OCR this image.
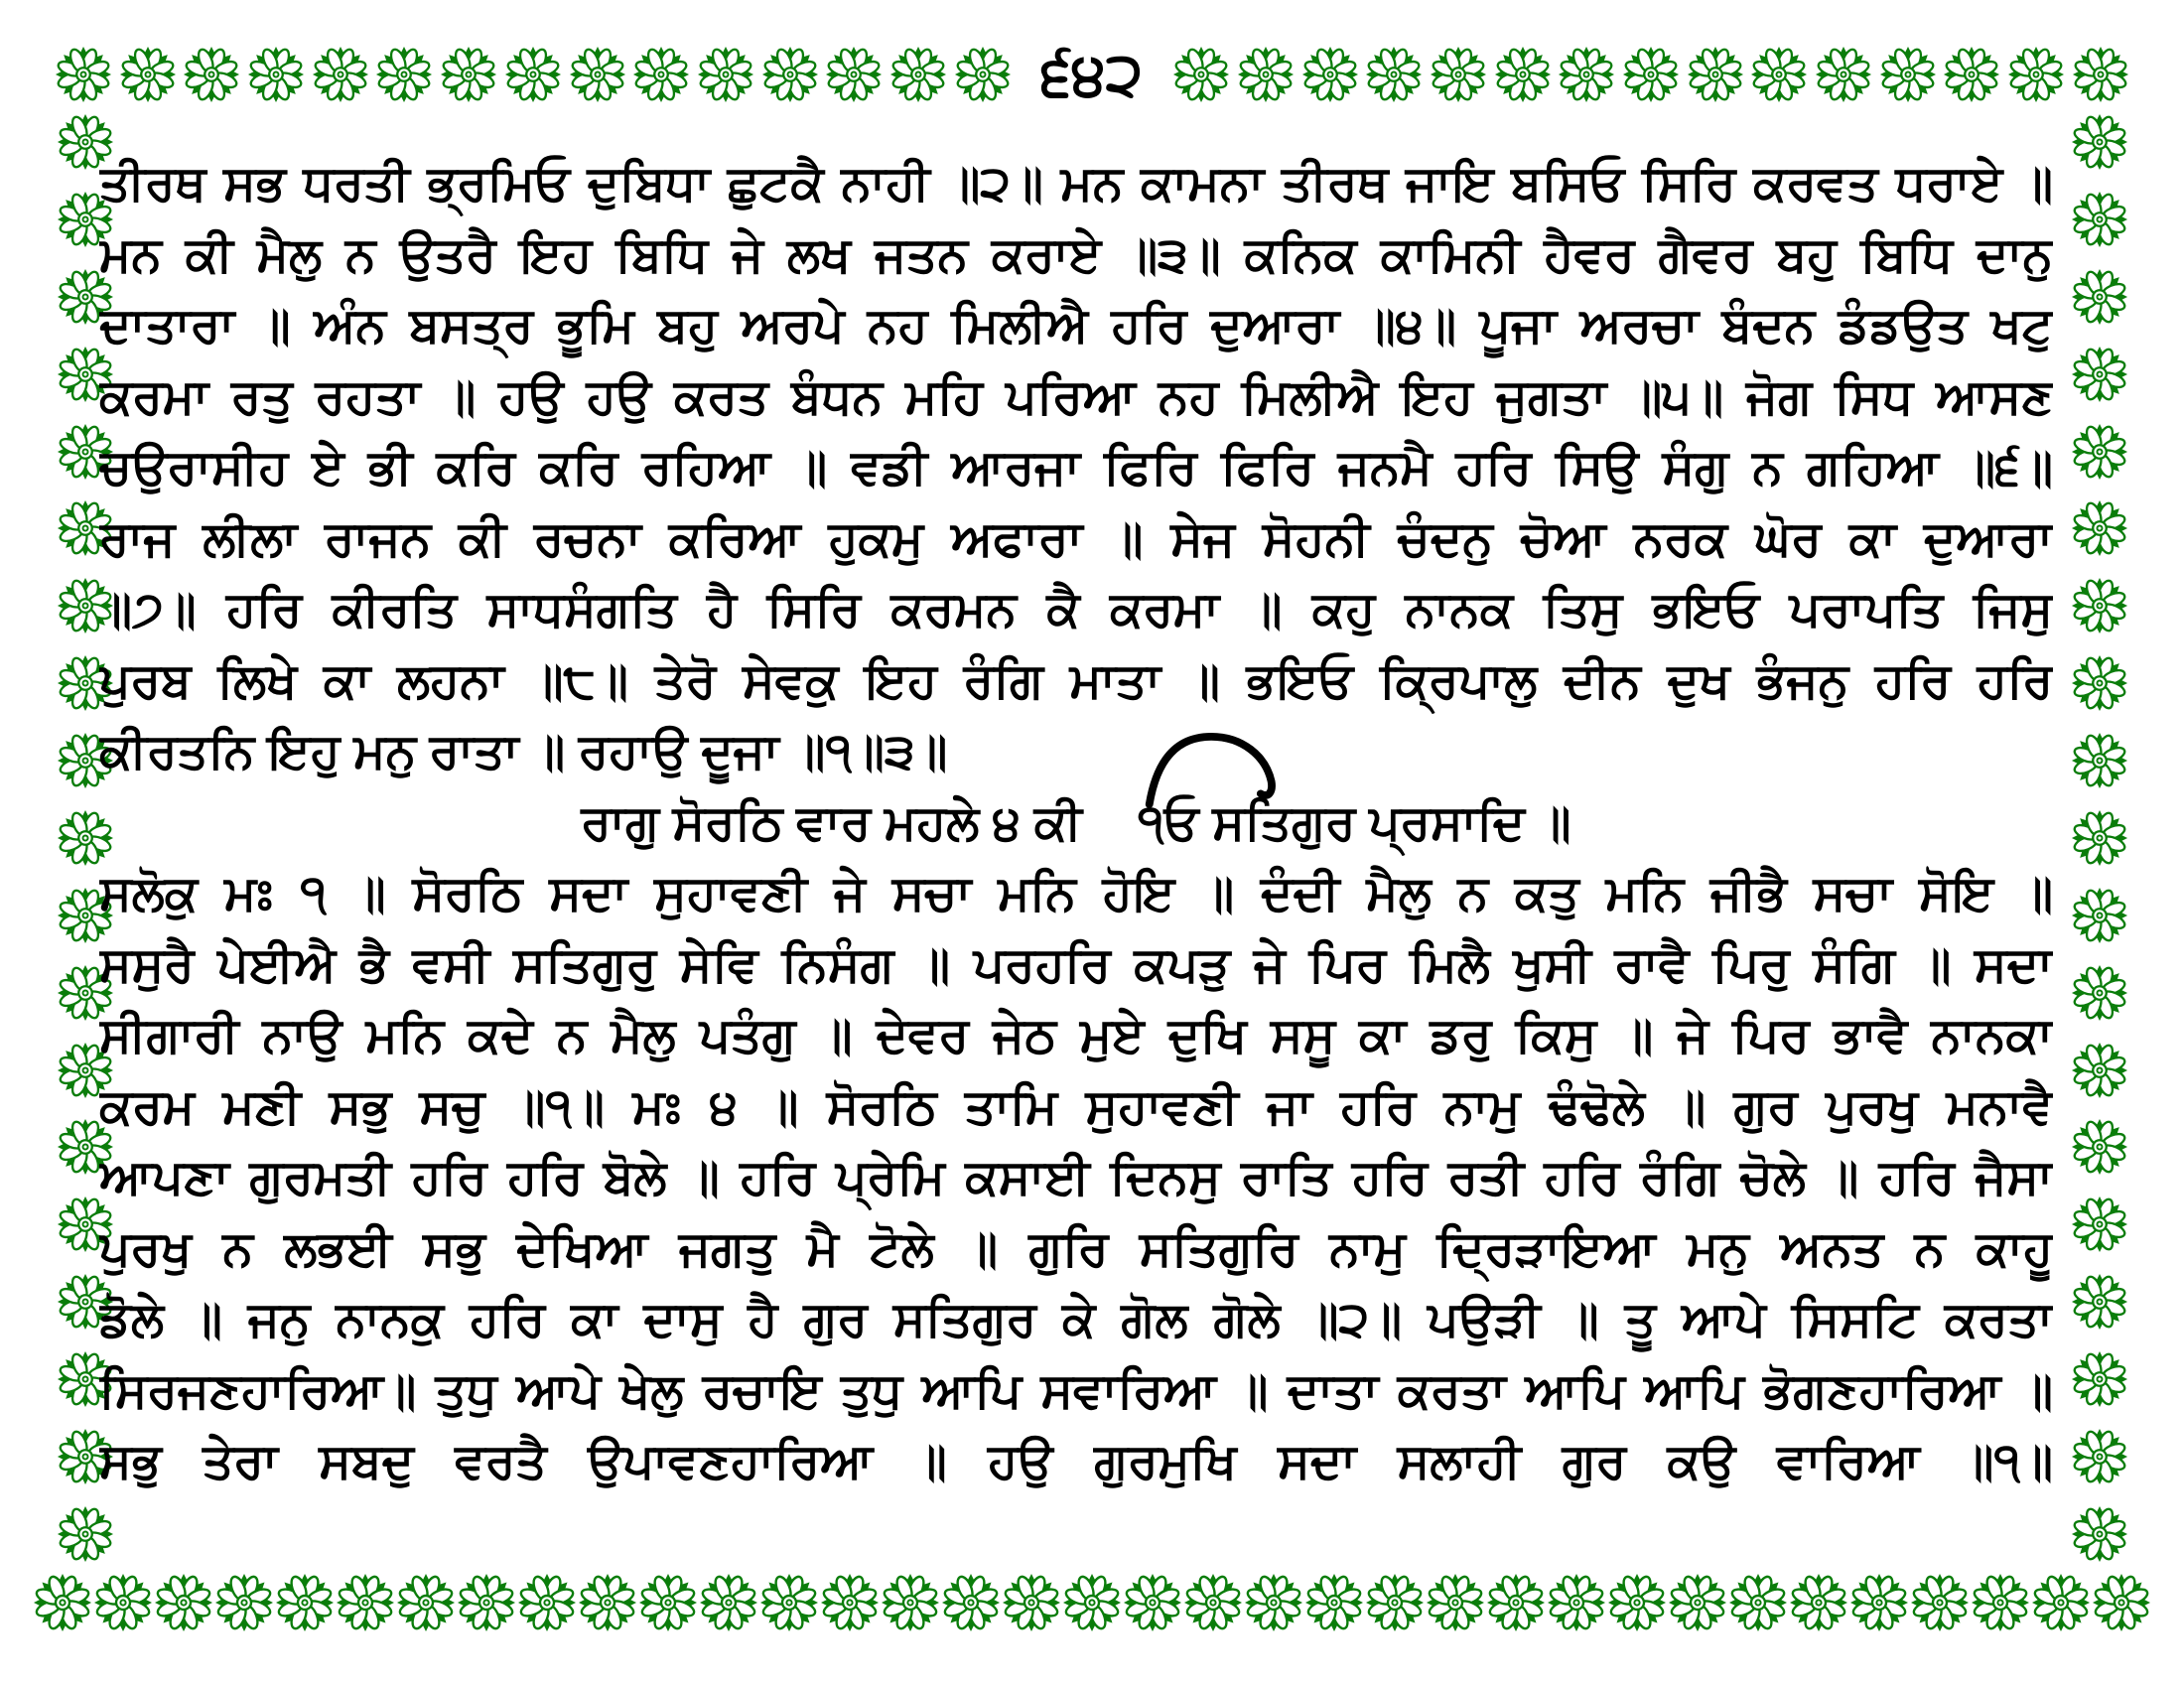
੬੪੨
ਤੀਰਥ ਸਭ ਧਰਤੀ ਭ੍ਰਮਿਓ ਦੁਬਿਧਾ ਛੁਟਕੈ ਨਾਹੀ ॥੨॥ ਮਨ ਕਾਮਨਾ ਤੀਰਥ ਜਾਇ ਬਸਿਓ ਸਿਰਿ ਕਰਵਤ ਧਰਾਏ ॥
ਮਨ ਕੀ ਮੈਲੁ ਨ ਉਤਰੈ ਇਹ ਬਿਧਿ ਜੇ ਲਖ ਜਤਨ ਕਰਾਏ ॥੩॥ ਕਨਿਕ ਕਾਮਿਨੀ ਹੈਵਰ ਗੈਵਰ ਬਹੁ ਬਿਧਿ ਦਾਨੁ
ਦਾਤਾਰਾ ॥ ਅੰਨ ਬਸਤ੍ਰ ਭੂਮਿ ਬਹੁ ਅਰਪੇ ਨਹ ਮਿਲੀਐ ਹਰਿ ਦੁਆਰਾ ॥੪॥ ਪੂਜਾ ਅਰਚਾ ਬੰਦਨ ਡੰਡਉਤ ਖਟੁ
ਕਰਮਾ ਰਤੁ ਰਹਤਾ ॥ ਹਉ ਹਉ ਕਰਤ ਬੰਧਨ ਮਹਿ ਪਰਿਆ ਨਹ ਮਿਲੀਐ ਇਹ ਜੁਗਤਾ ॥੫॥ ਜੋਗ ਸਿਧ ਆਸਣ
ਚਉਰਾਸੀਹ ਏ ਭੀ ਕਰਿ ਕਰਿ ਰਹਿਆ ॥ ਵਡੀ ਆਰਜਾ ਫਿਰਿ ਫਿਰਿ ਜਨਮੈ ਹਰਿ ਸਿਉ ਸੰਗੁ ਨ ਗਹਿਆ ॥੬॥
ਰਾਜ ਲੀਲਾ ਰਾਜਨ ਕੀ ਰਚਨਾ ਕਰਿਆ ਹੁਕਮੁ ਅਫਾਰਾ ॥ ਸੇਜ ਸੋਹਨੀ ਚੰਦਨੁ ਚੋਆ ਨਰਕ ਘੋਰ ਕਾ ਦੁਆਰਾ
॥੭॥ ਹਰਿ ਕੀਰਤਿ ਸਾਧਸੰਗਤਿ ਹੈ ਸਿਰਿ ਕਰਮਨ ਕੈ ਕਰਮਾ ॥ ਕਹੁ ਨਾਨਕ ਤਿਸੁ ਭਇਓ ਪਰਾਪਤਿ ਜਿਸੁ
ਪੁਰਬ ਲਿਖੇ ਕਾ ਲਹਨਾ ॥੮॥ ਤੇਰੋ ਸੇਵਕੁ ਇਹ ਰੰਗਿ ਮਾਤਾ ॥ ਭਇਓ ਕ੍ਰਿਪਾਲੁ ਦੀਨ ਦੁਖ ਭੰਜਨੁ ਹਰਿ ਹਰਿ
ਕੀਰਤਨਿ ਇਹੁ ਮਨੁ ਰਾਤਾ ॥ ਰਹਾਉ ਦੂਜਾ ॥੧॥੩॥
ਰਾਗੁ ਸੋਰਠਿ ਵਾਰ ਮਹਲੇ ੪ ਕੀ ੧ਓ ਸਤਿਗੁਰ ਪ੍ਰਸਾਦਿ ॥
ਸਲੋਕੁ ਮਃ ੧ ॥ ਸੋਰਠਿ ਸਦਾ ਸੁਹਾਵਣੀ ਜੇ ਸਚਾ ਮਨਿ ਹੋਇ ॥ ਦੰਦੀ ਮੈਲੁ ਨ ਕਤੁ ਮਨਿ ਜੀਭੈ ਸਚਾ ਸੋਇ ॥
ਸਸੁਰੈ ਪੇਈਐ ਭੈ ਵਸੀ ਸਤਿਗੁਰੁ ਸੇਵਿ ਨਿਸੰਗ ॥ ਪਰਹਰਿ ਕਪੜੁ ਜੇ ਪਿਰ ਮਿਲੈ ਖੁਸੀ ਰਾਵੈ ਪਿਰੁ ਸੰਗਿ ॥ ਸਦਾ
ਸੀਗਾਰੀ ਨਾਉ ਮਨਿ ਕਦੇ ਨ ਮੈਲੁ ਪਤੰਗੁ ॥ ਦੇਵਰ ਜੇਠ ਮੁਏ ਦੁਖਿ ਸਸੂ ਕਾ ਡਰੁ ਕਿਸੁ ॥ ਜੇ ਪਿਰ ਭਾਵੈ ਨਾਨਕਾ
ਕਰਮ ਮਣੀ ਸਭੁ ਸਚੁ ॥੧॥ ਮਃ ੪ ॥ ਸੋਰਠਿ ਤਾਮਿ ਸੁਹਾਵਣੀ ਜਾ ਹਰਿ ਨਾਮੁ ਢੰਢੋਲੇ ॥ ਗੁਰ ਪੁਰਖੁ ਮਨਾਵੈ
ਆਪਣਾ ਗੁਰਮਤੀ ਹਰਿ ਹਰਿ ਬੋਲੇ ॥ ਹਰਿ ਪ੍ਰੇਮਿ ਕਸਾਈ ਦਿਨਸੁ ਰਾਤਿ ਹਰਿ ਰਤੀ ਹਰਿ ਰੰਗਿ ਚੋਲੇ ॥ ਹਰਿ ਜੈਸਾ
ਪੁਰਖੁ ਨ ਲਭਈ ਸਭੁ ਦੇਖਿਆ ਜਗਤੁ ਮੈ ਟੋਲੇ ॥ ਗੁਰਿ ਸਤਿਗੁਰਿ ਨਾਮੁ ਦ੍ਰਿੜਾਇਆ ਮਨੁ ਅਨਤ ਨ ਕਾਹੂ
ਡੋਲੇ ॥ ਜਨੁ ਨਾਨਕੁ ਹਰਿ ਕਾ ਦਾਸੁ ਹੈ ਗੁਰ ਸਤਿਗੁਰ ਕੇ ਗੋਲ ਗੋਲੇ ॥੨॥ ਪਉੜੀ ॥ ਤੂ ਆਪੇ ਸਿਸਟਿ ਕਰਤਾ
ਸਿਰਜਣਹਾਰਿਆ॥ ਤੁਧੁ ਆਪੇ ਖੇਲੁ ਰਚਾਇ ਤੁਧੁ ਆਪਿ ਸਵਾਰਿਆ ॥ ਦਾਤਾ ਕਰਤਾ ਆਪਿ ਆਪਿ ਭੋਗਣਹਾਰਿਆ ॥
ਸਭੁ ਤੇਰਾ ਸਬਦੁ ਵਰਤੈ ਉਪਾਵਣਹਾਰਿਆ ॥ ਹਉ ਗੁਰਮੁਖਿ ਸਦਾ ਸਲਾਹੀ ਗੁਰ ਕਉ ਵਾਰਿਆ ॥੧॥
